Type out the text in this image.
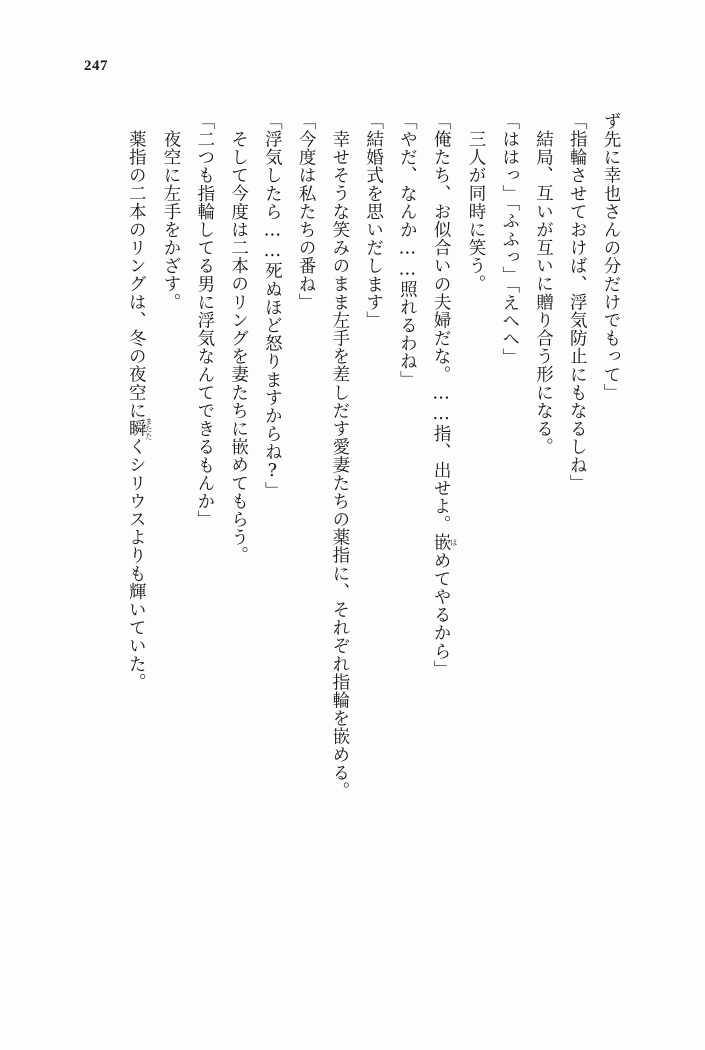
247

ず先に幸也さんの分だけでもって」

「指輪させておけば、浮気防止にもなるしね」

結局、互いが互いに贈り合う形になる。

「ははっ」「ふふっ」「えへへ」

三人が同時に笑う。

「俺たち、お似合いの夫婦だな。……指、出せよ。嵌はめてやるから」

「やだ、なんか……照れるわね」

「結婚式を思いだします」

幸せそうな笑みのまま左手を差しだす愛妻たちの薬指に、それぞれ指輪を嵌める。

「今度は私たちの番ね」

「浮気したら……死ぬほど怒りますからね?」

そして今度は二本のリングを妻たちに嵌めてもらう。

「二つも指輪してる男に浮気なんてできるもんか」

夜空に左手をかざす。

薬指の二本のリングは、冬の夜空に瞬またたくシリウスよりも輝いていた。
